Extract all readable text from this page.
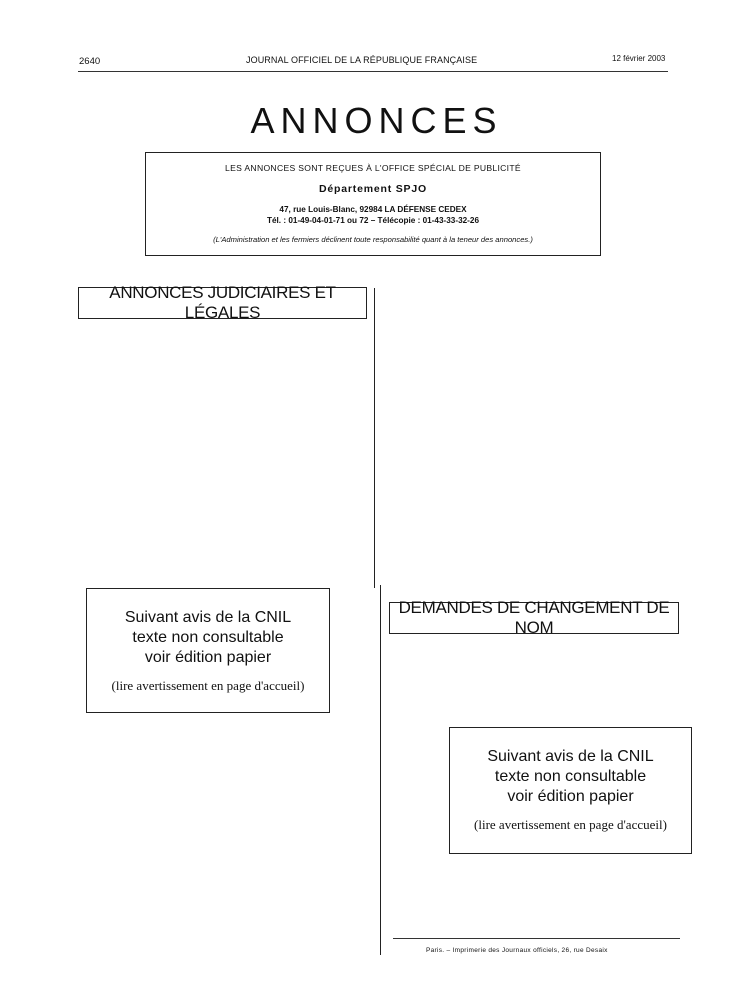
2640	JOURNAL OFFICIEL DE LA RÉPUBLIQUE FRANÇAISE	12 février 2003
ANNONCES
LES ANNONCES SONT REÇUES À L'OFFICE SPÉCIAL DE PUBLICITÉ
Département SPJO
47, rue Louis-Blanc, 92984 LA DÉFENSE CEDEX
Tél. : 01-49-04-01-71 ou 72 – Télécopie : 01-43-33-32-26
(L'Administration et les fermiers déclinent toute responsabilité quant à la teneur des annonces.)
ANNONCES JUDICIAIRES ET LÉGALES
Suivant avis de la CNIL
texte non consultable
voir édition papier
(lire avertissement en page d'accueil)
DEMANDES DE CHANGEMENT DE NOM
Suivant avis de la CNIL
texte non consultable
voir édition papier
(lire avertissement en page d'accueil)
Paris. – Imprimerie des Journaux officiels, 26, rue Desaix
